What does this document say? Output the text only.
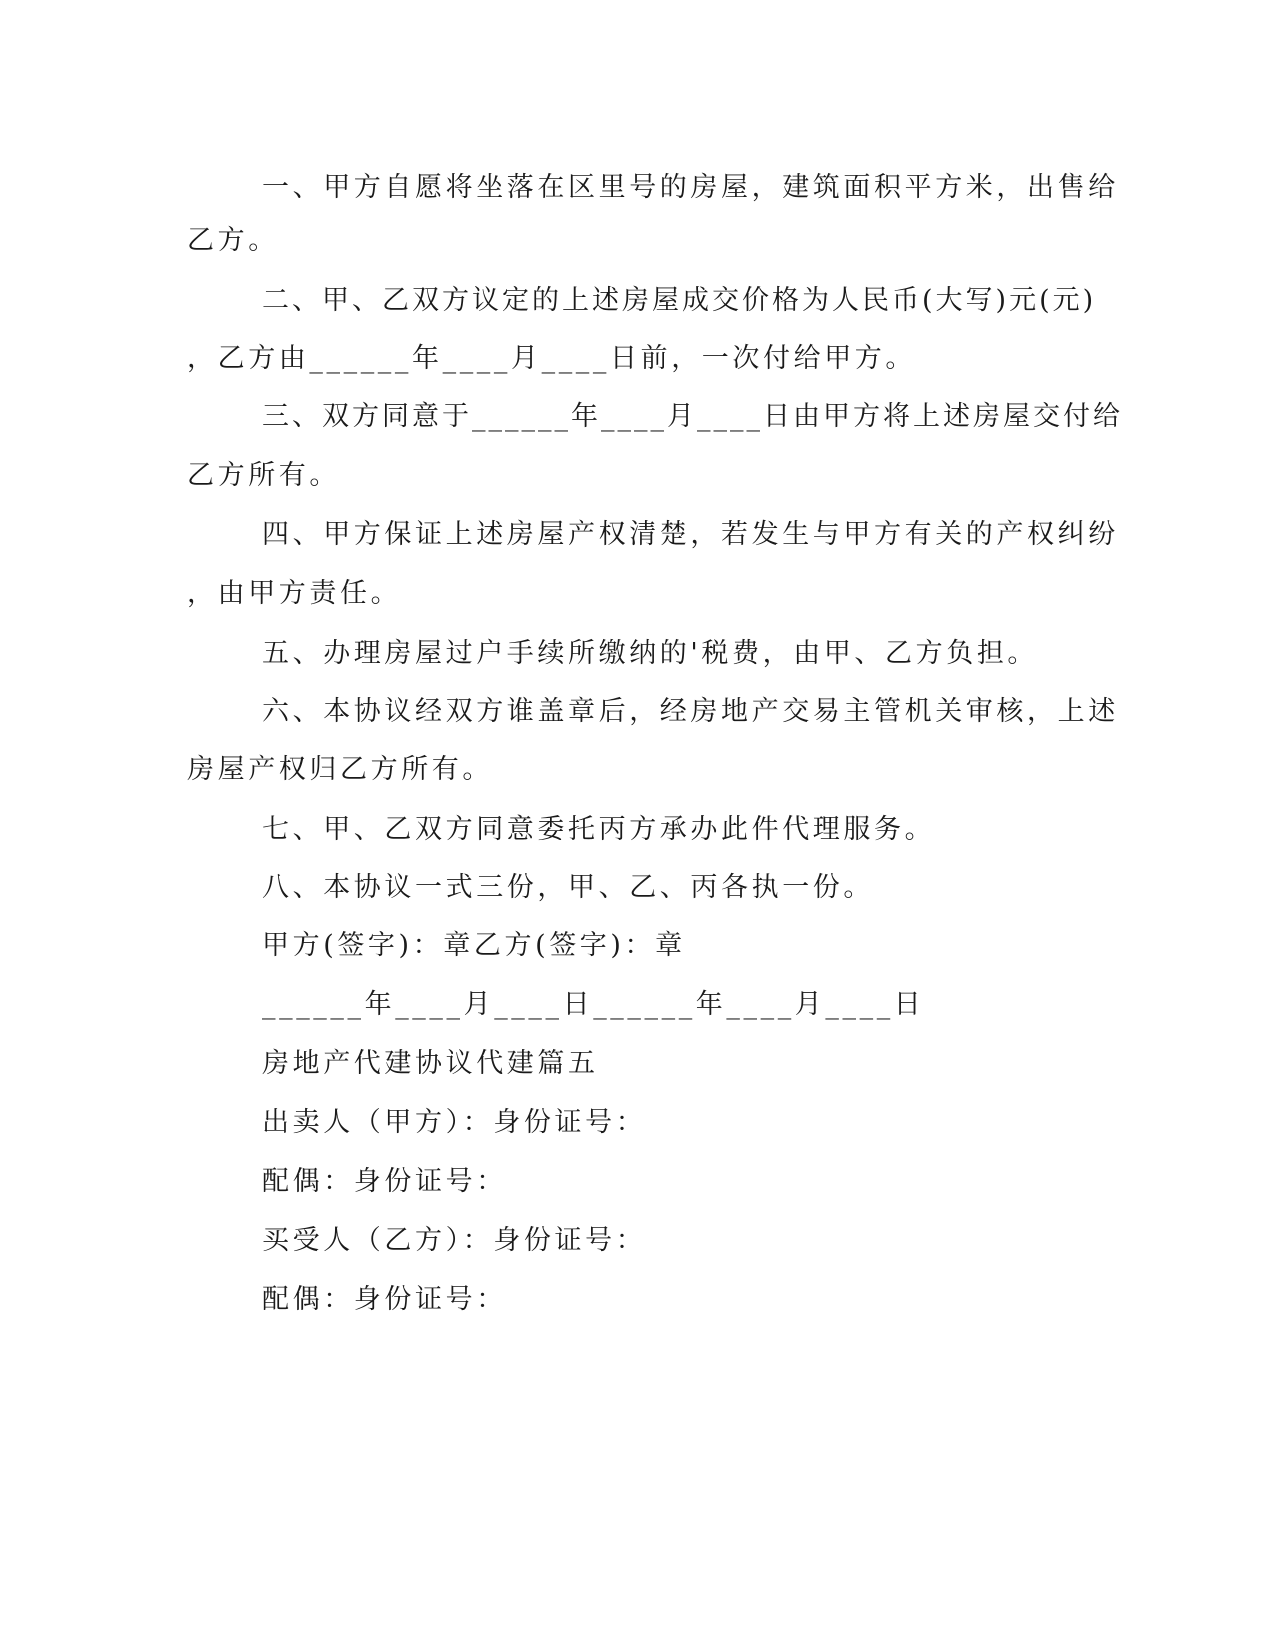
一、甲方自愿将坐落在区里号的房屋，建筑面积平方米，出售给
乙方。
二、甲、乙双方议定的上述房屋成交价格为人民币(大写)元(元)
，乙方由______年____月____日前，一次付给甲方。
三、双方同意于______年____月____日由甲方将上述房屋交付给
乙方所有。
四、甲方保证上述房屋产权清楚，若发生与甲方有关的产权纠纷
，由甲方责任。
五、办理房屋过户手续所缴纳的'税费，由甲、乙方负担。
六、本协议经双方谁盖章后，经房地产交易主管机关审核，上述
房屋产权归乙方所有。
七、甲、乙双方同意委托丙方承办此件代理服务。
八、本协议一式三份，甲、乙、丙各执一份。
甲方(签字)：章乙方(签字)：章
______年____月____日______年____月____日
房地产代建协议代建篇五
出卖人（甲方）：身份证号：
配偶：身份证号：
买受人（乙方）：身份证号：
配偶：身份证号：
